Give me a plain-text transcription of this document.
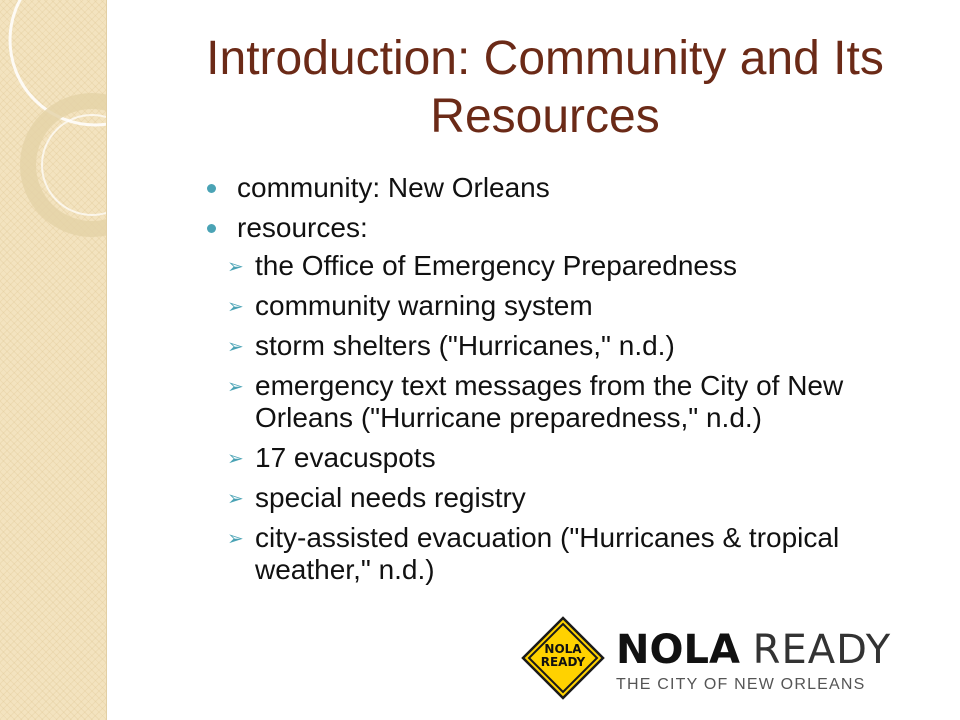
Introduction: Community and Its
Resources
community: New Orleans
resources:
➢ the Office of Emergency Preparedness
➢ community warning system
➢ storm shelters ("Hurricanes," n.d.)
➢ emergency text messages from the City of New Orleans ("Hurricane preparedness," n.d.)
➢ 17 evacuspots
➢ special needs registry
➢ city-assisted evacuation ("Hurricanes & tropical weather," n.d.)
NOLA
READY NOLA READY
THE CITY OF NEW ORLEANS
